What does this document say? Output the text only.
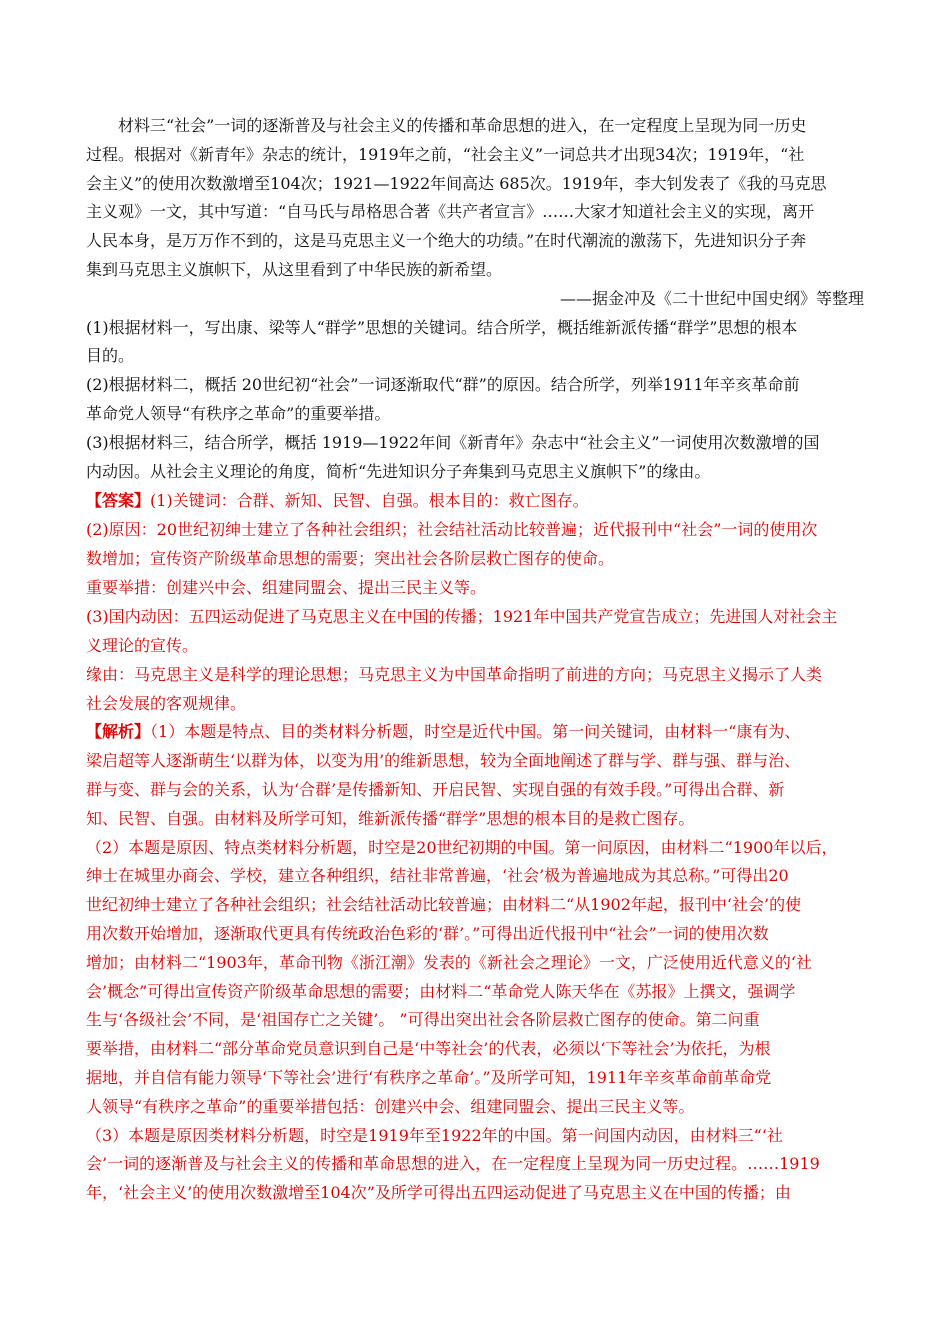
材料三“社会”一词的逐渐普及与社会主义的传播和革命思想的进入，在一定程度上呈现为同一历史
过程。根据对《新青年》杂志的统计，1919年之前，“社会主义”一词总共才出现34次；1919年，“社
会主义”的使用次数激增至104次；1921—1922年间高达 685次。1919年，李大钊发表了《我的马克思
主义观》一文，其中写道：“自马氏与昂格思合著《共产者宣言》……大家才知道社会主义的实现，离开
人民本身，是万万作不到的，这是马克思主义一个绝大的功绩。”在时代潮流的激荡下，先进知识分子奔
集到马克思主义旗帜下，从这里看到了中华民族的新希望。
——据金冲及《二十世纪中国史纲》等整理
(1)根据材料一，写出康、梁等人“群学”思想的关键词。结合所学，概括维新派传播“群学”思想的根本
目的。
(2)根据材料二，概括 20世纪初“社会”一词逐渐取代“群”的原因。结合所学，列举1911年辛亥革命前
革命党人领导“有秩序之革命”的重要举措。
(3)根据材料三，结合所学，概括 1919—1922年间《新青年》杂志中“社会主义”一词使用次数激增的国
内动因。从社会主义理论的角度，简析“先进知识分子奔集到马克思主义旗帜下”的缘由。
【答案】(1)关键词：合群、新知、民智、自强。根本目的：救亡图存。
(2)原因：20世纪初绅士建立了各种社会组织；社会结社活动比较普遍；近代报刊中“社会”一词的使用次
数增加；宣传资产阶级革命思想的需要；突出社会各阶层救亡图存的使命。
重要举措：创建兴中会、组建同盟会、提出三民主义等。
(3)国内动因：五四运动促进了马克思主义在中国的传播；1921年中国共产党宣告成立；先进国人对社会主
义理论的宣传。
缘由：马克思主义是科学的理论思想；马克思主义为中国革命指明了前进的方向；马克思主义揭示了人类
社会发展的客观规律。
【解析】（1）本题是特点、目的类材料分析题，时空是近代中国。第一问关键词，由材料一“康有为、
梁启超等人逐渐萌生‘以群为体，以变为用’的维新思想，较为全面地阐述了群与学、群与强、群与治、
群与变、群与会的关系，认为‘合群’是传播新知、开启民智、实现自强的有效手段。”可得出合群、新
知、民智、自强。由材料及所学可知，维新派传播“群学”思想的根本目的是救亡图存。
（2）本题是原因、特点类材料分析题，时空是20世纪初期的中国。第一问原因，由材料二“1900年以后，
绅士在城里办商会、学校，建立各种组织，结社非常普遍，‘社会’极为普遍地成为其总称。”可得出20
世纪初绅士建立了各种社会组织；社会结社活动比较普遍；由材料二“从1902年起，报刊中‘社会’的使
用次数开始增加，逐渐取代更具有传统政治色彩的‘群’。”可得出近代报刊中“社会”一词的使用次数
增加；由材料二“1903年，革命刊物《浙江潮》发表的《新社会之理论》一文，广泛使用近代意义的‘社
会’概念”可得出宣传资产阶级革命思想的需要；由材料二“革命党人陈天华在《苏报》上撰文，强调学
生与‘各级社会’不同，是‘祖国存亡之关键’。 ”可得出突出社会各阶层救亡图存的使命。第二问重
要举措，由材料二“部分革命党员意识到自己是‘中等社会’的代表，必须以‘下等社会’为依托，为根
据地，并自信有能力领导‘下等社会’进行‘有秩序之革命’。”及所学可知，1911年辛亥革命前革命党
人领导“有秩序之革命”的重要举措包括：创建兴中会、组建同盟会、提出三民主义等。
（3）本题是原因类材料分析题，时空是1919年至1922年的中国。第一问国内动因，由材料三“‘社
会’一词的逐渐普及与社会主义的传播和革命思想的进入，在一定程度上呈现为同一历史过程。……1919
年，‘社会主义’的使用次数激增至104次”及所学可得出五四运动促进了马克思主义在中国的传播；由
